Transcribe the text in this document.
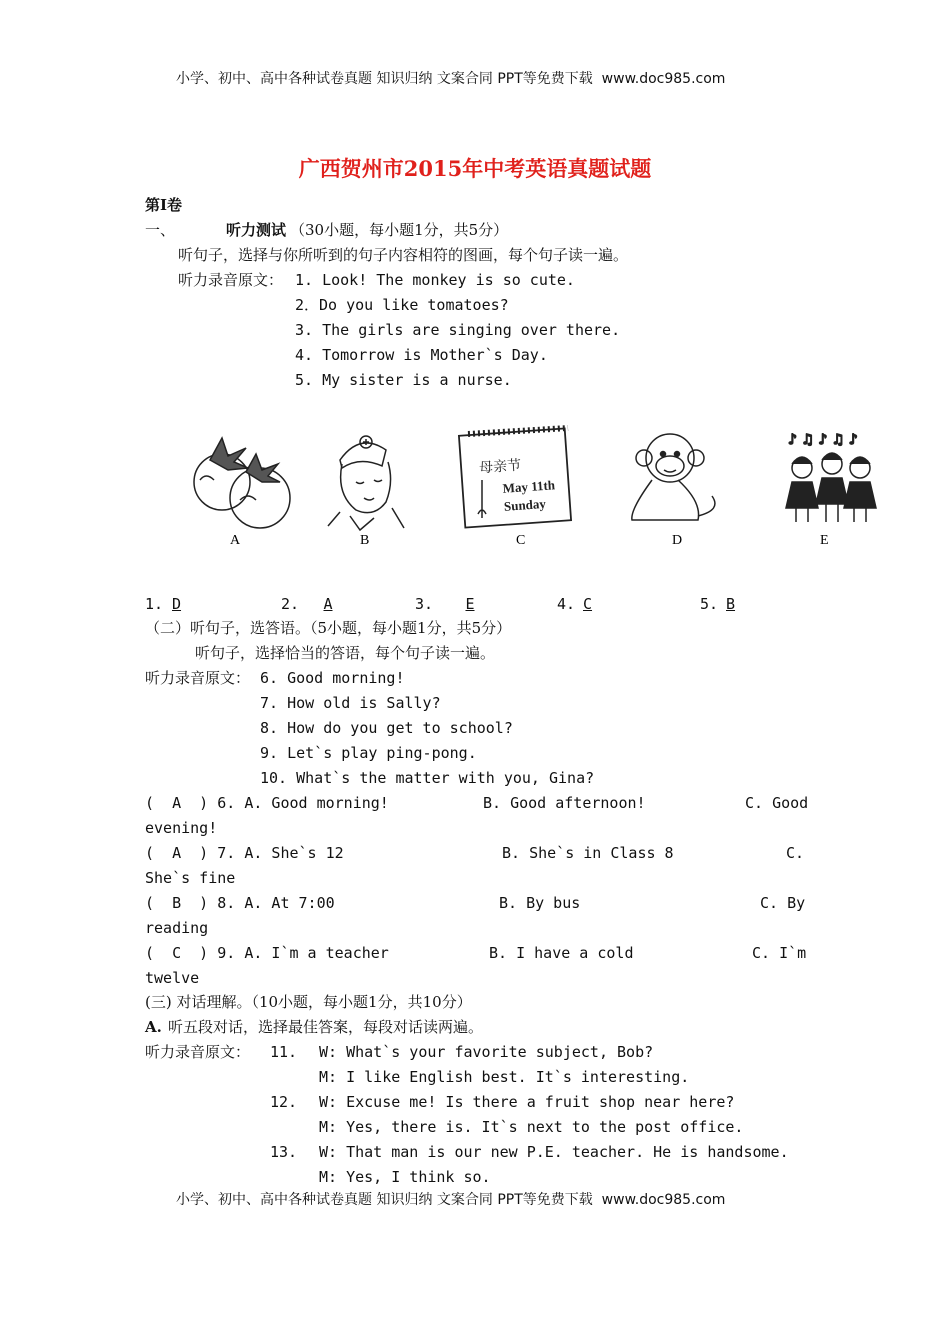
小学、初中、高中各种试卷真题 知识归纳 文案合同 PPT等免费下载  www.doc985.com
广西贺州市2015年中考英语真题试题
第Ⅰ卷
一、	听力测试 （30小题，每小题1分，共5分）
听句子，选择与你所听到的句子内容相符的图画，每个句子读一遍。
听力录音原文： 1. Look! The monkey is so cute.
2．Do you like tomatoes?
3. The girls are singing over there.
4. Tomorrow is Mother`s Day.
5. My sister is a nurse.
A	B
母亲节
May 11th
Sunday
C	D
♪ ♫ ♪ ♫ ♪
E
1. D	2.	A	3.	E	4. C	5. B
（二）听句子，选答语。（5小题，每小题1分，共5分）
听句子，选择恰当的答语，每个句子读一遍。
听力录音原文： 6. Good morning!
7. How old is Sally?
8. How do you get to school?
9. Let`s play ping-pong.
10. What`s the matter with you, Gina?
(  A  ) 6. A. Good morning!	B. Good afternoon!	C. Good
evening!
(  A  ) 7. A. She`s 12	B. She`s in Class 8	C.
She`s fine
(  B  ) 8. A. At 7:00	B. By bus	C. By
reading
(  C  ) 9. A. I`m a teacher	B. I have a cold	C. I`m
twelve
(三) 对话理解。（10小题，每小题1分，共10分）
A. 听五段对话，选择最佳答案，每段对话读两遍。
听力录音原文： 11. W: What`s your favorite subject, Bob?
M: I like English best. It`s interesting.
12. W: Excuse me! Is there a fruit shop near here?
M: Yes, there is. It`s next to the post office.
13. W: That man is our new P.E. teacher. He is handsome.
M: Yes, I think so.
小学、初中、高中各种试卷真题 知识归纳 文案合同 PPT等免费下载  www.doc985.com
